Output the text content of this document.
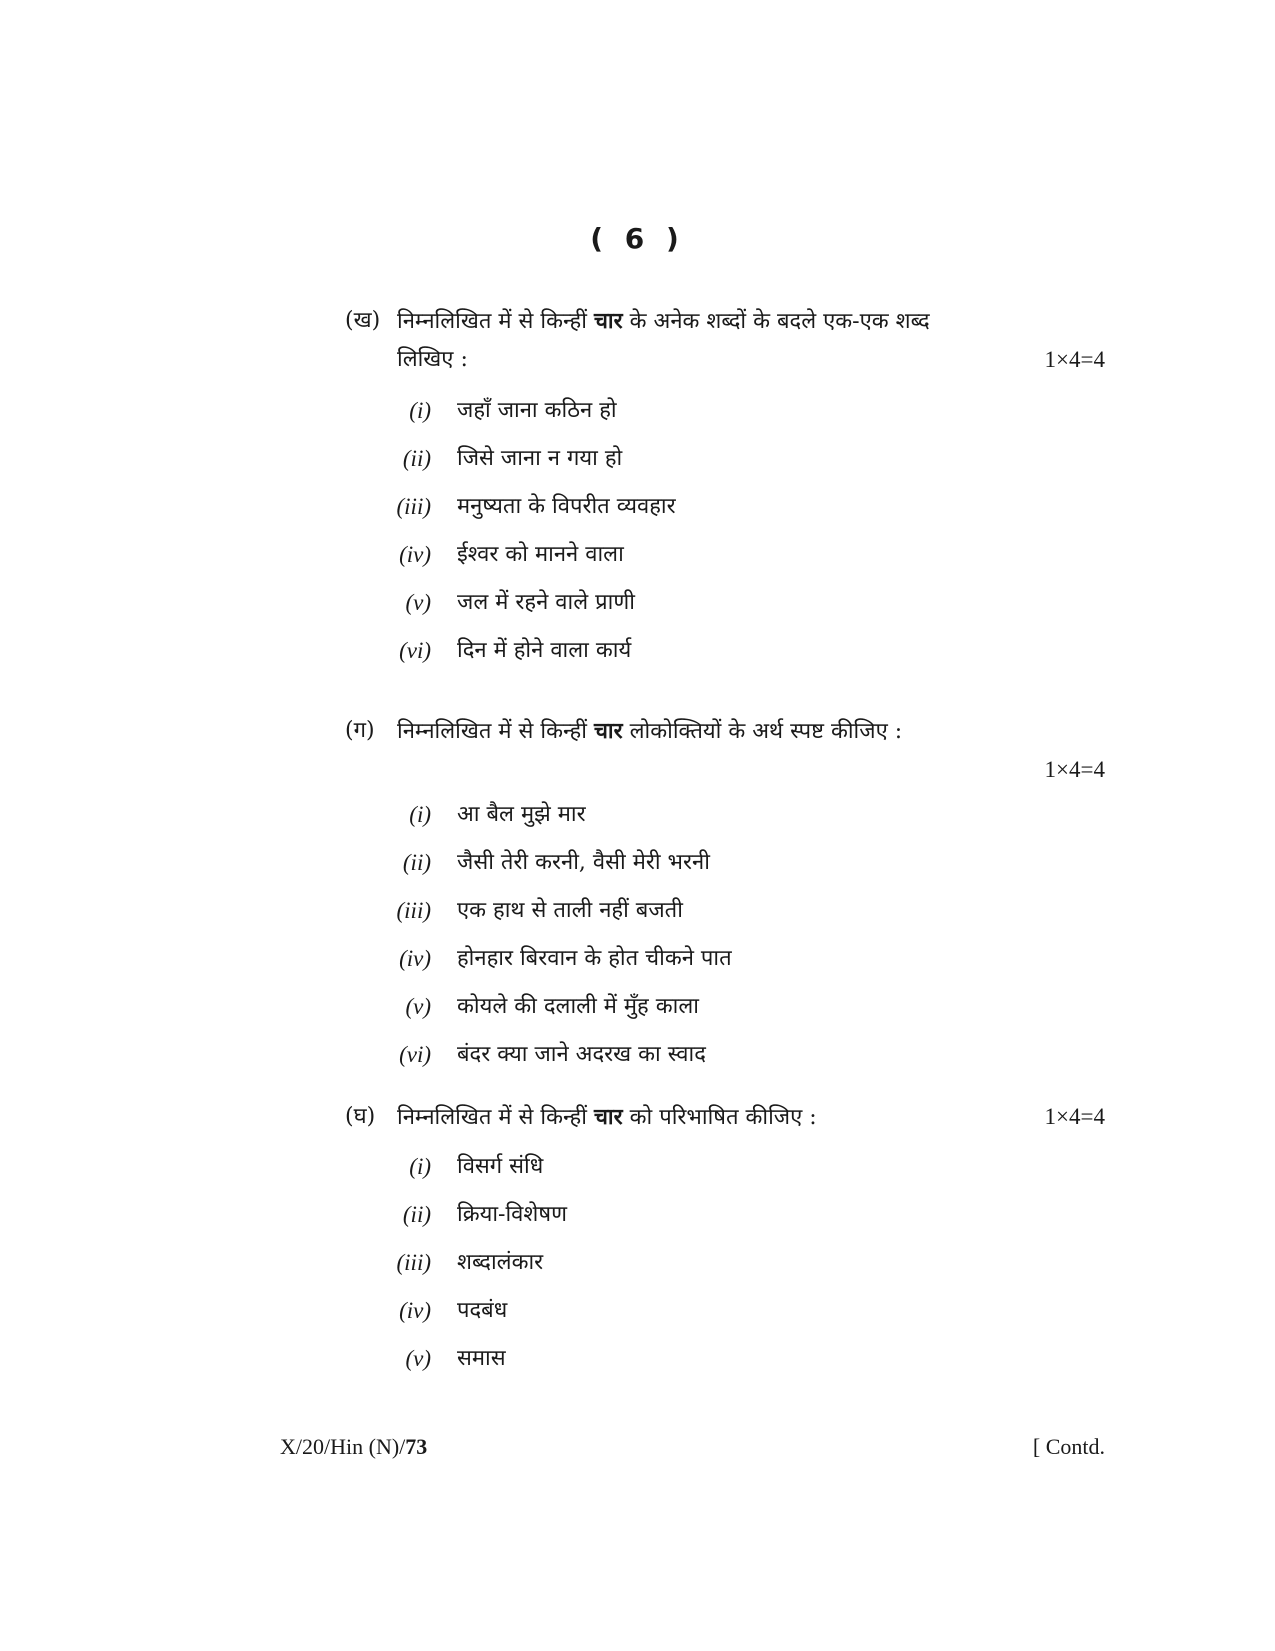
( 6 )
(ख) निम्नलिखित में से किन्हीं चार के अनेक शब्दों के बदले एक-एक शब्द
लिखिए :	1×4=4
(i) जहाँ जाना कठिन हो
(ii) जिसे जाना न गया हो
(iii) मनुष्यता के विपरीत व्यवहार
(iv) ईश्वर को मानने वाला
(v) जल में रहने वाले प्राणी
(vi) दिन में होने वाला कार्य
(ग) निम्नलिखित में से किन्हीं चार लोकोक्तियों के अर्थ स्पष्ट कीजिए :
1×4=4
(i) आ बैल मुझे मार
(ii) जैसी तेरी करनी, वैसी मेरी भरनी
(iii) एक हाथ से ताली नहीं बजती
(iv) होनहार बिरवान के होत चीकने पात
(v) कोयले की दलाली में मुँह काला
(vi) बंदर क्या जाने अदरख का स्वाद
(घ) निम्नलिखित में से किन्हीं चार को परिभाषित कीजिए :	1×4=4
(i) विसर्ग संधि
(ii) क्रिया-विशेषण
(iii) शब्दालंकार
(iv) पदबंध
(v) समास
X/20/Hin (N)/73	[ Contd.
